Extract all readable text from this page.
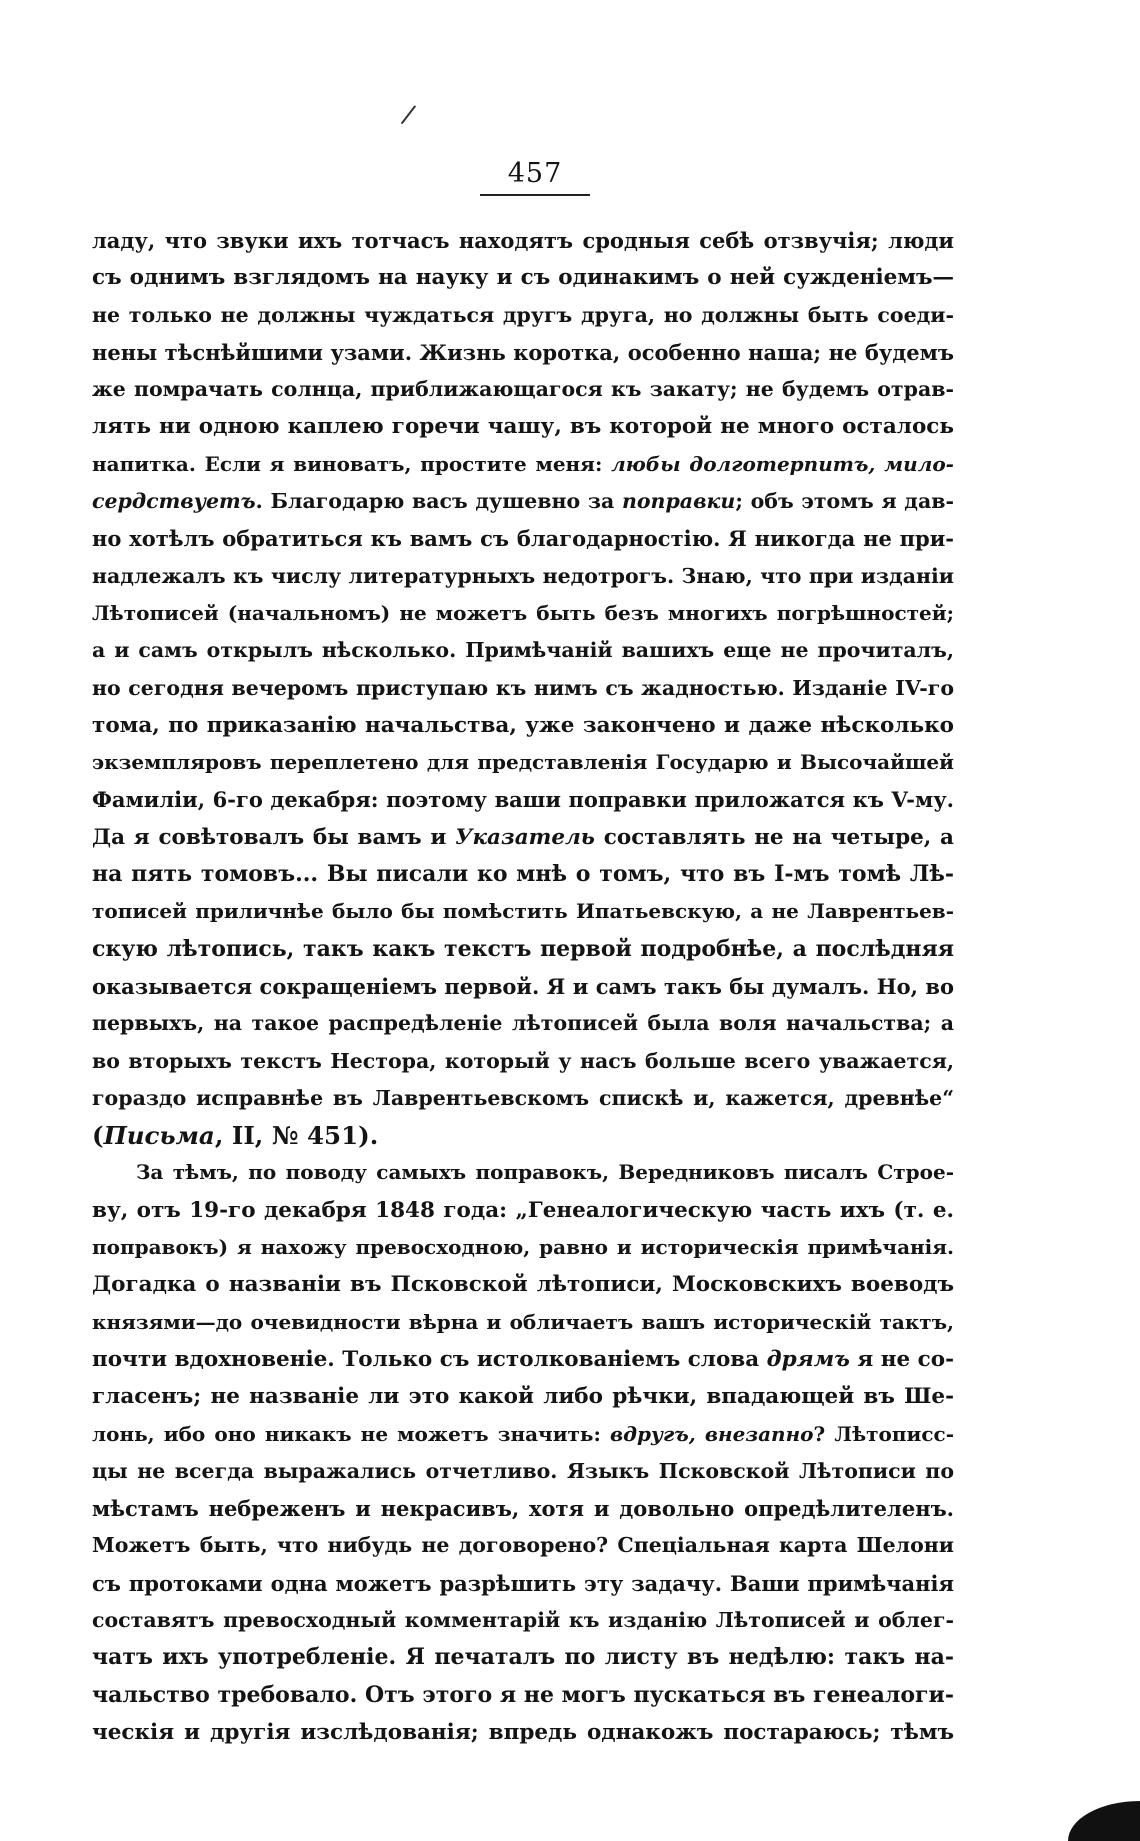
/
457
ладу, что звуки ихъ тотчасъ находятъ сродныя себѣ отзвучія; люди
съ однимъ взглядомъ на науку и съ одинакимъ о ней сужденіемъ—
не только не должны чуждаться другъ друга, но должны быть соеди-
нены тѣснѣйшими узами. Жизнь коротка, особенно наша; не будемъ
же помрачать солнца, приближающагося къ закату; не будемъ отрав-
лять ни одною каплею горечи чашу, въ которой не много осталось
напитка. Если я виноватъ, простите меня: любы долготерпитъ, мило-
сердствуетъ. Благодарю васъ душевно за поправки; объ этомъ я дав-
но хотѣлъ обратиться къ вамъ съ благодарностію. Я никогда не при-
надлежалъ къ числу литературныхъ недотрогъ. Знаю, что при изданіи
Лѣтописей (начальномъ) не можетъ быть безъ многихъ погрѣшностей;
а и самъ открылъ нѣсколько. Примѣчаній вашихъ еще не прочиталъ,
но сегодня вечеромъ приступаю къ нимъ съ жадностью. Изданіе IV-го
тома, по приказанію начальства, уже закончено и даже нѣсколько
экземпляровъ переплетено для представленія Государю и Высочайшей
Фамиліи, 6-го декабря: поэтому ваши поправки приложатся къ V-му.
Да я совѣтовалъ бы вамъ и Указатель составлять не на четыре, а
на пять томовъ... Вы писали ко мнѣ о томъ, что въ I-мъ томѣ Лѣ-
тописей приличнѣе было бы помѣстить Ипатьевскую, а не Лаврентьев-
скую лѣтопись, такъ какъ текстъ первой подробнѣе, а послѣдняя
оказывается сокращеніемъ первой. Я и самъ такъ бы думалъ. Но, во
первыхъ, на такое распредѣленіе лѣтописей была воля начальства; а
во вторыхъ текстъ Нестора, который у насъ больше всего уважается,
гораздо исправнѣе въ Лаврентьевскомъ спискѣ и, кажется, древнѣе“
(Письма, II, № 451).
За тѣмъ, по поводу самыхъ поправокъ, Вередниковъ писалъ Строе-
ву, отъ 19-го декабря 1848 года: „Генеалогическую часть ихъ (т. е.
поправокъ) я нахожу превосходною, равно и историческія примѣчанія.
Догадка о названіи въ Псковской лѣтописи, Московскихъ воеводъ
князями—до очевидности вѣрна и обличаетъ вашъ историческій тактъ,
почти вдохновеніе. Только съ истолкованіемъ слова дрямъ я не со-
гласенъ; не названіе ли это какой либо рѣчки, впадающей въ Ше-
лонь, ибо оно никакъ не можетъ значить: вдругъ, внезапно? Лѣтописс-
цы не всегда выражались отчетливо. Языкъ Псковской Лѣтописи по
мѣстамъ небреженъ и некрасивъ, хотя и довольно опредѣлителенъ.
Можетъ быть, что нибудь не договорено? Спеціальная карта Шелони
съ протоками одна можетъ разрѣшить эту задачу. Ваши примѣчанія
составятъ превосходный комментарій къ изданію Лѣтописей и облег-
чатъ ихъ употребленіе. Я печаталъ по листу въ недѣлю: такъ на-
чальство требовало. Отъ этого я не могъ пускаться въ генеалоги-
ческія и другія изслѣдованія; впредь однакожъ постараюсь; тѣмъ
